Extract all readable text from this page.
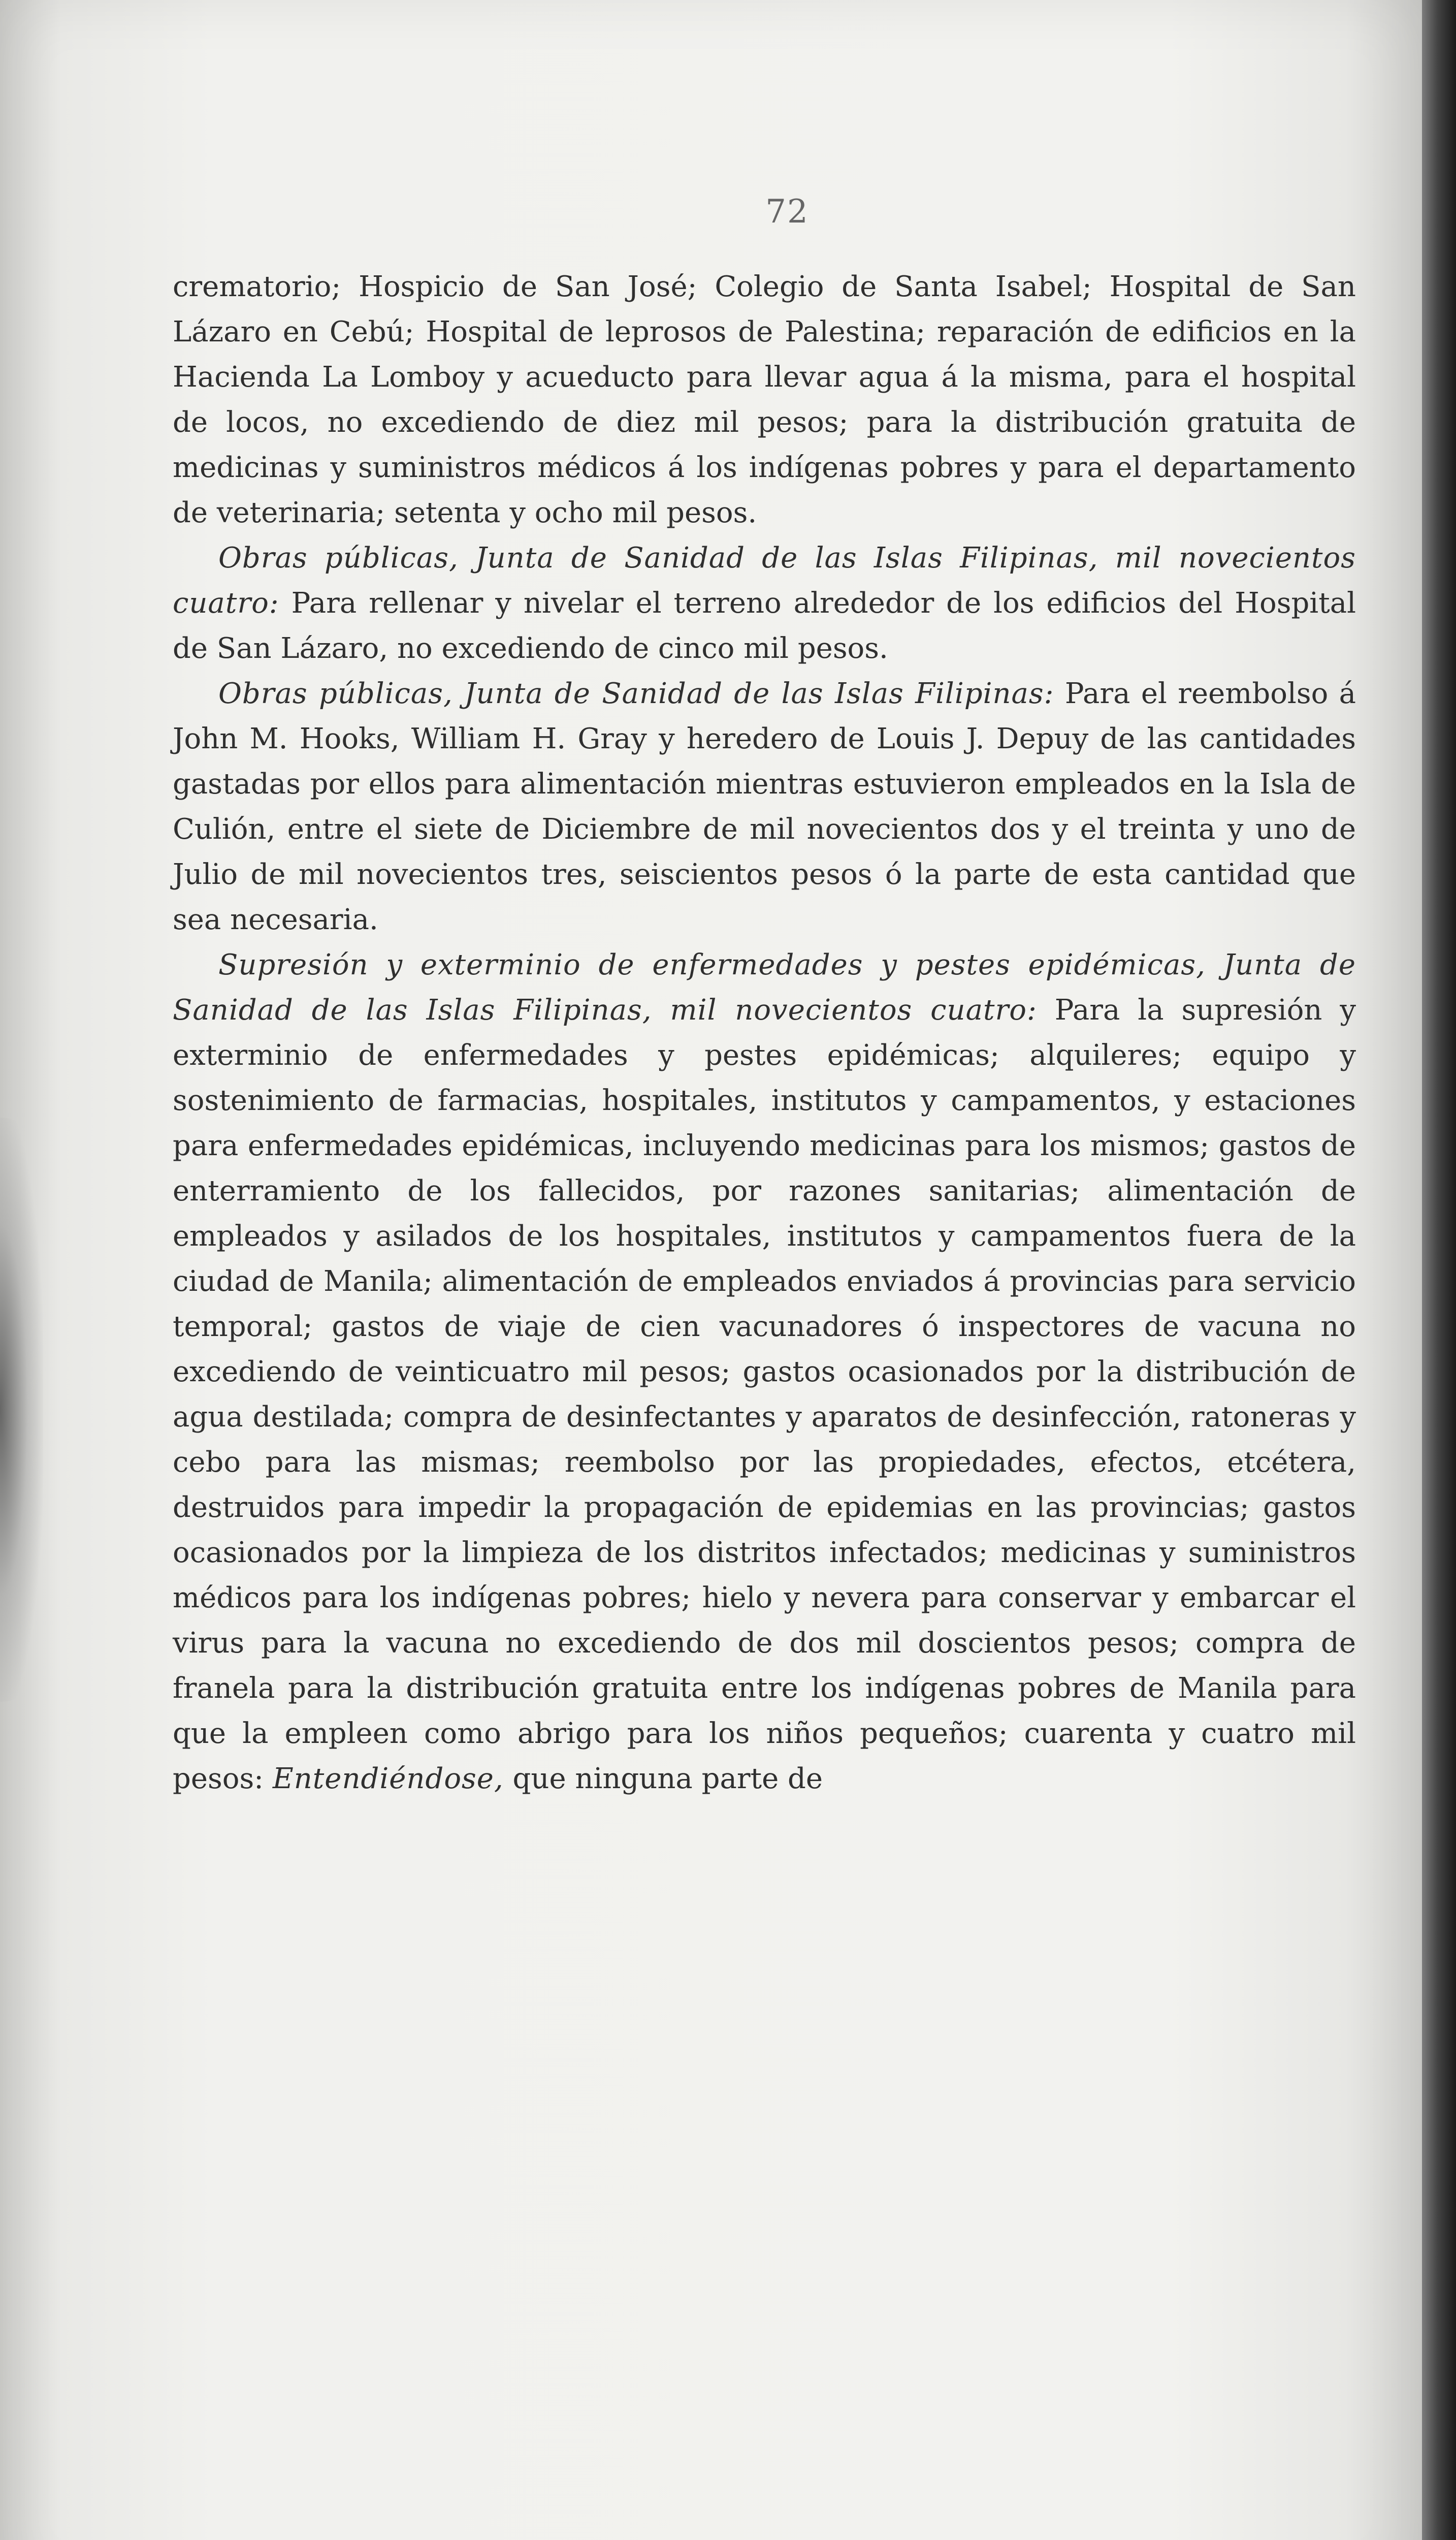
72

crematorio; Hospicio de San José; Colegio de Santa Isabel; Hospital de San Lázaro en Cebú; Hospital de leprosos de Palestina; reparación de edificios en la Hacienda La Lomboy y acueducto para llevar agua á la misma, para el hospital de locos, no excediendo de diez mil pesos; para la distribución gratuita de medicinas y suministros médicos á los indígenas pobres y para el departamento de veterinaria; setenta y ocho mil pesos.

Obras públicas, Junta de Sanidad de las Islas Filipinas, mil novecientos cuatro: Para rellenar y nivelar el terreno alrededor de los edificios del Hospital de San Lázaro, no excediendo de cinco mil pesos.

Obras públicas, Junta de Sanidad de las Islas Filipinas: Para el reembolso á John M. Hooks, William H. Gray y heredero de Louis J. Depuy de las cantidades gastadas por ellos para alimentación mientras estuvieron empleados en la Isla de Culión, entre el siete de Diciembre de mil novecientos dos y el treinta y uno de Julio de mil novecientos tres, seiscientos pesos ó la parte de esta cantidad que sea necesaria.

Supresión y exterminio de enfermedades y pestes epidémicas, Junta de Sanidad de las Islas Filipinas, mil novecientos cuatro: Para la supresión y exterminio de enfermedades y pestes epidémicas; alquileres; equipo y sostenimiento de farmacias, hospitales, institutos y campamentos, y estaciones para enfermedades epidémicas, incluyendo medicinas para los mismos; gastos de enterramiento de los fallecidos, por razones sanitarias; alimentación de empleados y asilados de los hospitales, institutos y campamentos fuera de la ciudad de Manila; alimentación de empleados enviados á provincias para servicio temporal; gastos de viaje de cien vacunadores ó inspectores de vacuna no excediendo de veinticuatro mil pesos; gastos ocasionados por la distribución de agua destilada; compra de desinfectantes y aparatos de desinfección, ratoneras y cebo para las mismas; reembolso por las propiedades, efectos, etcétera, destruidos para impedir la propagación de epidemias en las provincias; gastos ocasionados por la limpieza de los distritos infectados; medicinas y suministros médicos para los indígenas pobres; hielo y nevera para conservar y embarcar el virus para la vacuna no excediendo de dos mil doscientos pesos; compra de franela para la distribución gratuita entre los indígenas pobres de Manila para que la empleen como abrigo para los niños pequeños; cuarenta y cuatro mil pesos: Entendiéndose, que ninguna parte de
